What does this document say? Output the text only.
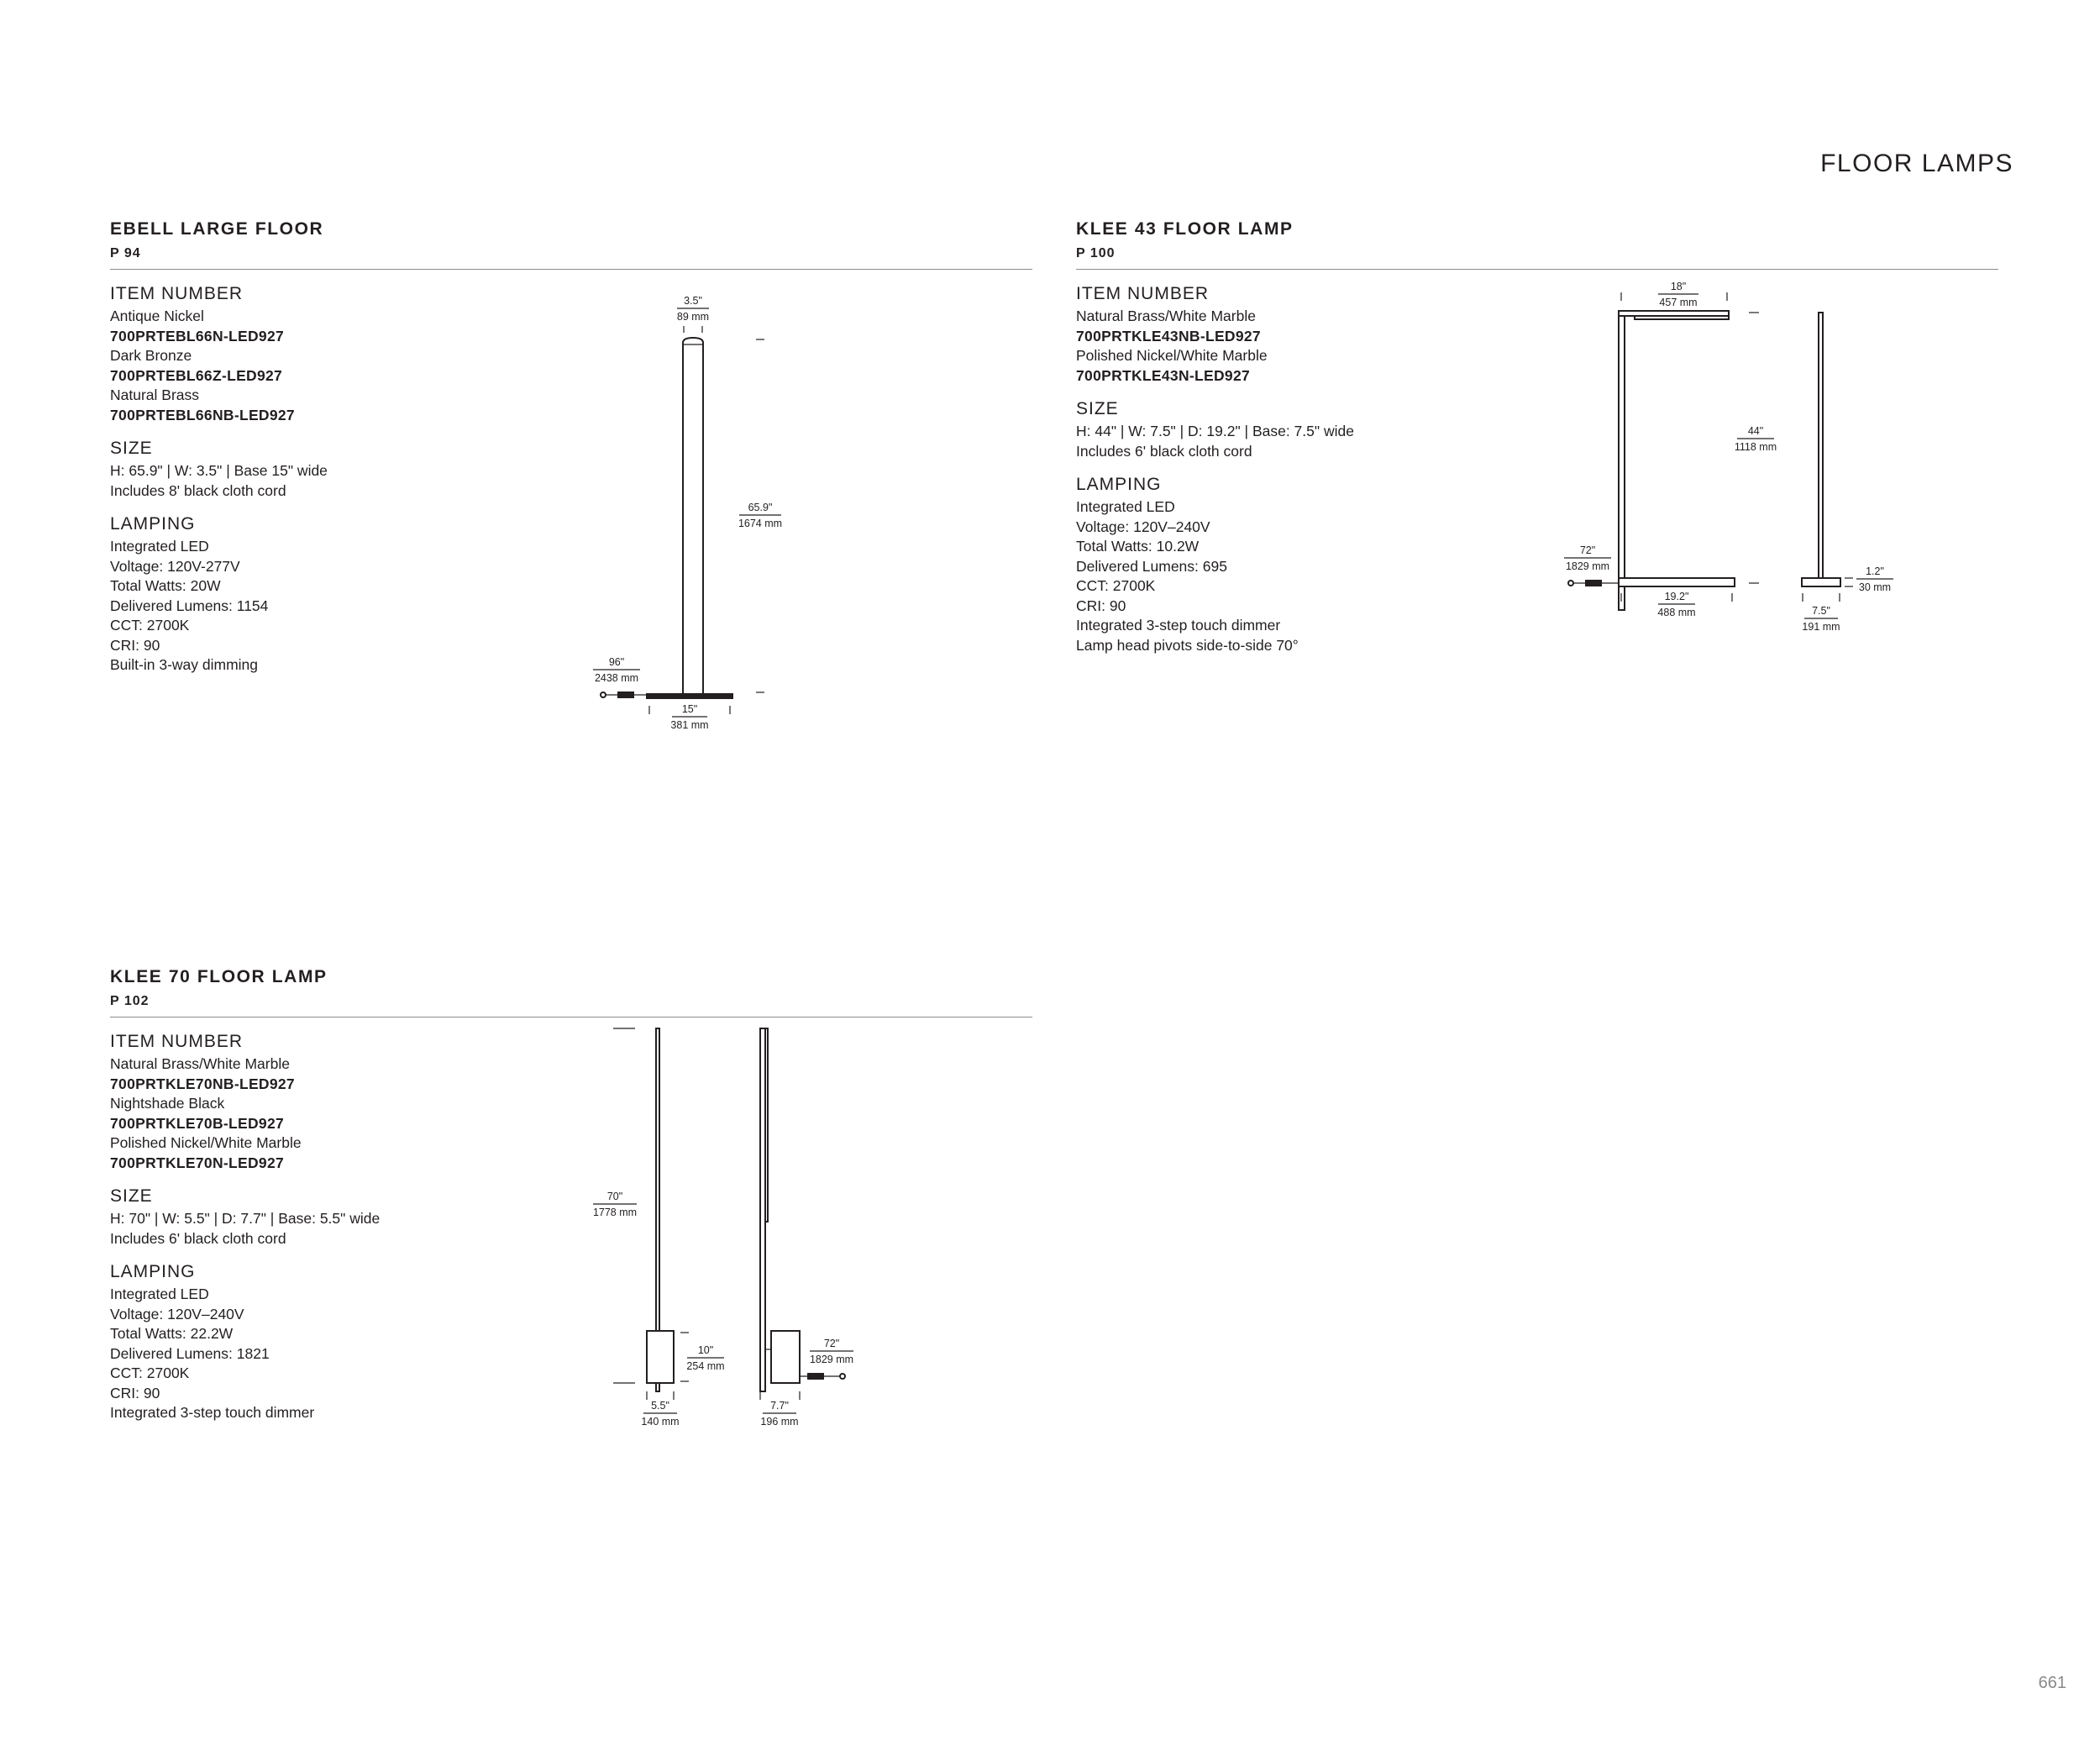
FLOOR LAMPS
EBELL LARGE FLOOR
P 94
ITEM NUMBER
Antique Nickel
700PRTEBL66N-LED927
Dark Bronze
700PRTEBL66Z-LED927
Natural Brass
700PRTEBL66NB-LED927
SIZE
H: 65.9" | W: 3.5" | Base 15" wide
Includes 8' black cloth cord
LAMPING
Integrated LED
Voltage: 120V-277V
Total Watts: 20W
Delivered Lumens: 1154
CCT: 2700K
CRI: 90
Built-in 3-way dimming
3.5"
89 mm
65.9"
1674 mm
96"
2438 mm
15"
381 mm
KLEE 43 FLOOR LAMP
P 100
ITEM NUMBER
Natural Brass/White Marble
700PRTKLE43NB-LED927
Polished Nickel/White Marble
700PRTKLE43N-LED927
SIZE
H: 44" | W: 7.5" | D: 19.2" | Base: 7.5" wide
Includes 6' black cloth cord
LAMPING
Integrated LED
Voltage: 120V–240V
Total Watts: 10.2W
Delivered Lumens: 695
CCT: 2700K
CRI: 90
Integrated 3-step touch dimmer
Lamp head pivots side-to-side 70°
18"
457 mm
44"
1118 mm
72"
1829 mm
19.2"
488 mm	7.5"
191 mm
1.2"
30 mm
KLEE 70 FLOOR LAMP
P 102
ITEM NUMBER
Natural Brass/White Marble
700PRTKLE70NB-LED927
Nightshade Black
700PRTKLE70B-LED927
Polished Nickel/White Marble
700PRTKLE70N-LED927
SIZE
H: 70" | W: 5.5" | D: 7.7" | Base: 5.5" wide
Includes 6' black cloth cord
LAMPING
Integrated LED
Voltage: 120V–240V
Total Watts: 22.2W
Delivered Lumens: 1821
CCT: 2700K
CRI: 90
Integrated 3-step touch dimmer
70"
1778 mm
10"
254 mm
5.5"
140 mm
72"
1829 mm
7.7"
196 mm
661
